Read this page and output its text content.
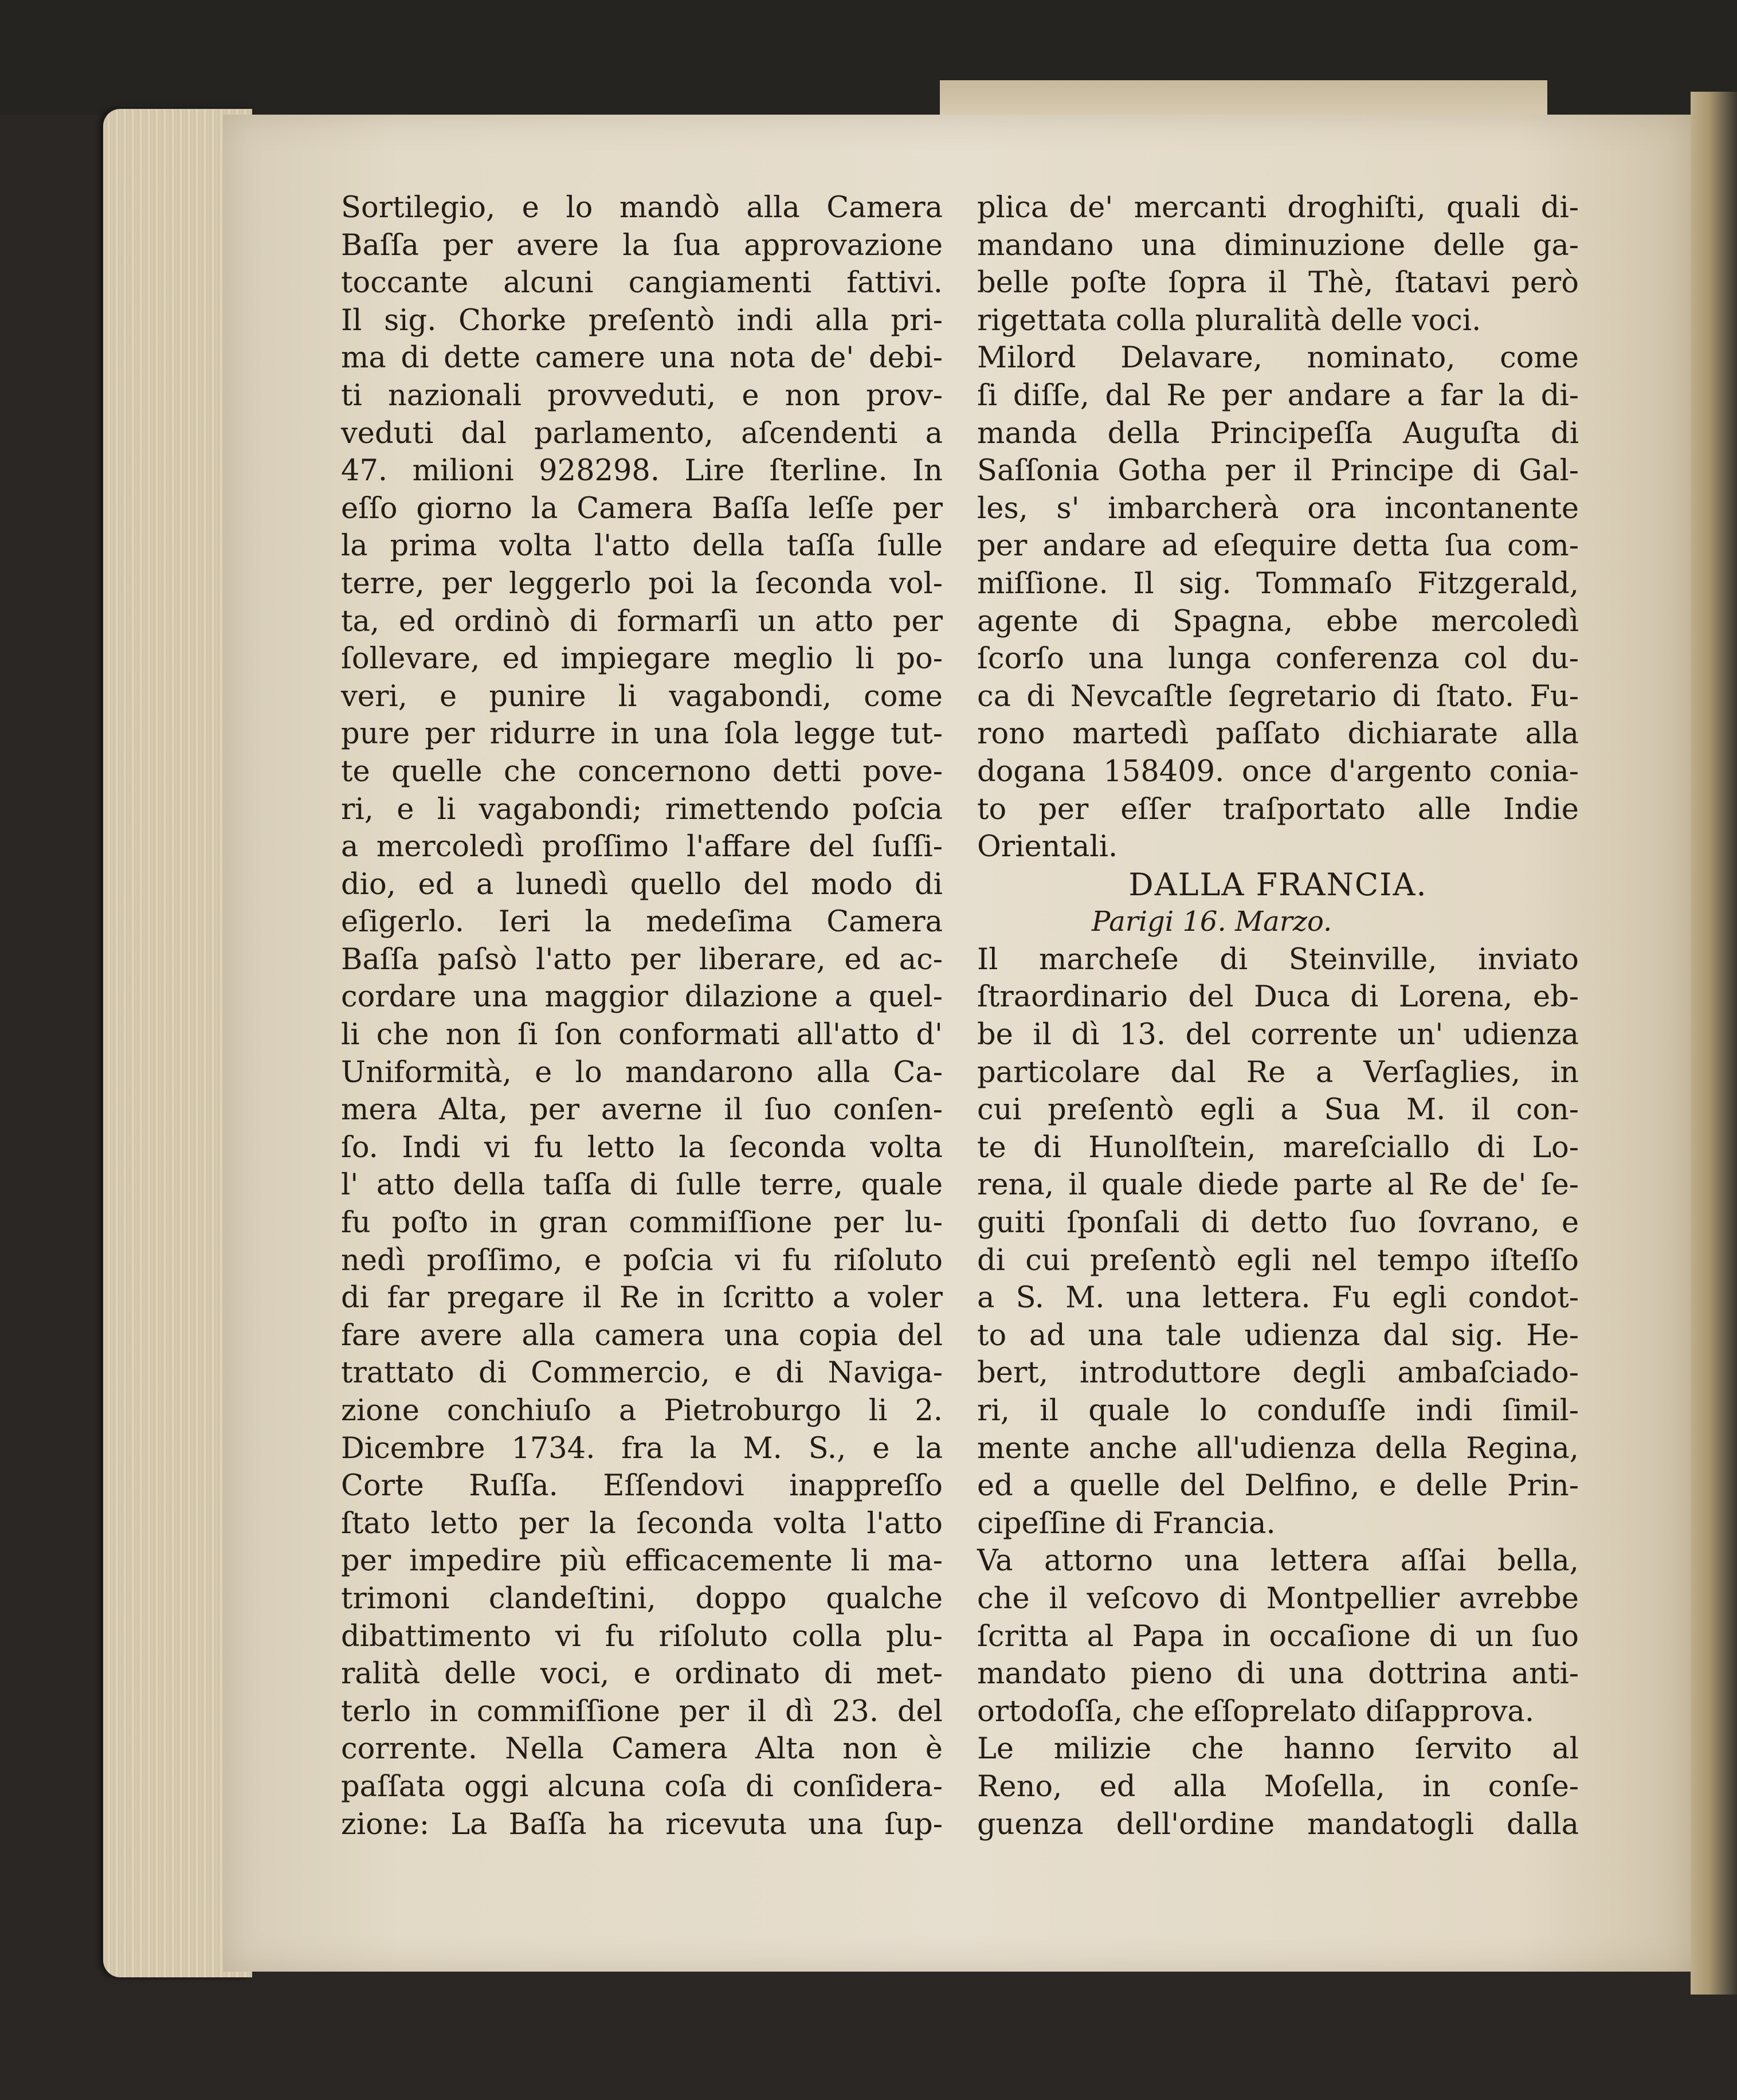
Sortilegio, e lo mandò alla Camera
Baſſa per avere la ſua approvazione
toccante alcuni cangiamenti fattivi.
Il sig. Chorke preſentò indi alla pri-
ma di dette camere una nota de' debi-
ti nazionali provveduti, e non prov-
veduti dal parlamento, aſcendenti a
47. milioni 928298. Lire ſterline. In
eſſo giorno la Camera Baſſa leſſe per
la prima volta l'atto della taſſa ſulle
terre, per leggerlo poi la ſeconda vol-
ta, ed ordinò di formarſi un atto per
ſollevare, ed impiegare meglio li po-
veri, e punire li vagabondi, come
pure per ridurre in una ſola legge tut-
te quelle che concernono detti pove-
ri, e li vagabondi; rimettendo poſcia
a mercoledì proſſimo l'affare del ſuſſi-
dio, ed a lunedì quello del modo di
eſigerlo. Ieri la medeſima Camera
Baſſa paſsò l'atto per liberare, ed ac-
cordare una maggior dilazione a quel-
li che non ſi ſon conformati all'atto d'
Uniformità, e lo mandarono alla Ca-
mera Alta, per averne il ſuo conſen-
ſo. Indi vi fu letto la ſeconda volta
l' atto della taſſa di ſulle terre, quale
fu poſto in gran commiſſione per lu-
nedì proſſimo, e poſcia vi fu riſoluto
di far pregare il Re in ſcritto a voler
fare avere alla camera una copia del
trattato di Commercio, e di Naviga-
zione conchiuſo a Pietroburgo li 2.
Dicembre 1734. fra la M. S., e la
Corte Ruſſa. Eſſendovi inappreſſo
ſtato letto per la ſeconda volta l'atto
per impedire più efficacemente li ma-
trimoni clandeſtini, doppo qualche
dibattimento vi fu riſoluto colla plu-
ralità delle voci, e ordinato di met-
terlo in commiſſione per il dì 23. del
corrente. Nella Camera Alta non è
paſſata oggi alcuna coſa di conſidera-
zione: La Baſſa ha ricevuta una ſup-
plica de' mercanti droghiſti, quali di-
mandano una diminuzione delle ga-
belle poſte ſopra il Thè, ſtatavi però
rigettata colla pluralità delle voci.
Milord Delavare, nominato, come
ſi diſſe, dal Re per andare a far la di-
manda della Principeſſa Auguſta di
Saſſonia Gotha per il Principe di Gal-
les, s' imbarcherà ora incontanente
per andare ad eſequire detta ſua com-
miſſione. Il sig. Tommaſo Fitzgerald,
agente di Spagna, ebbe mercoledì
ſcorſo una lunga conferenza col du-
ca di Nevcaſtle ſegretario di ſtato. Fu-
rono martedì paſſato dichiarate alla
dogana 158409. once d'argento conia-
to per eſſer traſportato alle Indie
Orientali.
DALLA FRANCIA.
Parigi 16. Marzo.
Il marcheſe di Steinville, inviato
ſtraordinario del Duca di Lorena, eb-
be il dì 13. del corrente un' udienza
particolare dal Re a Verſaglies, in
cui preſentò egli a Sua M. il con-
te di Hunolſtein, mareſciallo di Lo-
rena, il quale diede parte al Re de' ſe-
guiti ſponſali di detto ſuo ſovrano, e
di cui preſentò egli nel tempo iſteſſo
a S. M. una lettera. Fu egli condot-
to ad una tale udienza dal sig. He-
bert, introduttore degli ambaſciado-
ri, il quale lo conduſſe indi ſimil-
mente anche all'udienza della Regina,
ed a quelle del Delfino, e delle Prin-
cipeſſine di Francia.
Va attorno una lettera aſſai bella,
che il veſcovo di Montpellier avrebbe
ſcritta al Papa in occaſione di un ſuo
mandato pieno di una dottrina anti-
ortodoſſa, che eſſoprelato diſapprova.
Le milizie che hanno ſervito al
Reno, ed alla Moſella, in conſe-
guenza dell'ordine mandatogli dalla
